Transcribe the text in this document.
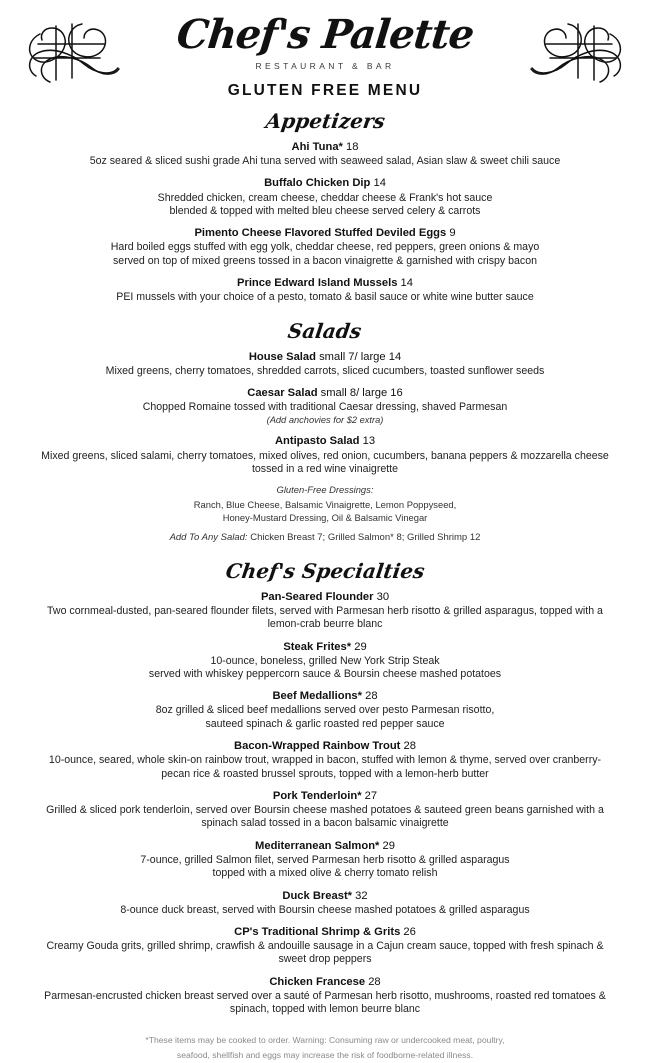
Chef's Palette
RESTAURANT & BAR
GLUTEN FREE MENU
Appetizers
Ahi Tuna* 18
5oz seared & sliced sushi grade Ahi tuna served with seaweed salad, Asian slaw & sweet chili sauce
Buffalo Chicken Dip 14
Shredded chicken, cream cheese, cheddar cheese & Frank's hot sauce
blended & topped with melted bleu cheese served celery & carrots
Pimento Cheese Flavored Stuffed Deviled Eggs 9
Hard boiled eggs stuffed with egg yolk, cheddar cheese, red peppers, green onions & mayo
served on top of mixed greens tossed in a bacon vinaigrette & garnished with crispy bacon
Prince Edward Island Mussels 14
PEI mussels with your choice of a pesto, tomato & basil sauce or white wine butter sauce
Salads
House Salad small 7/ large 14
Mixed greens, cherry tomatoes, shredded carrots, sliced cucumbers, toasted sunflower seeds
Caesar Salad small 8/ large 16
Chopped Romaine tossed with traditional Caesar dressing, shaved Parmesan
(Add anchovies for $2 extra)
Antipasto Salad 13
Mixed greens, sliced salami, cherry tomatoes, mixed olives, red onion, cucumbers, banana peppers & mozzarella cheese
tossed in a red wine vinaigrette
Gluten-Free Dressings:
Ranch, Blue Cheese, Balsamic Vinaigrette, Lemon Poppyseed,
Honey-Mustard Dressing, Oil & Balsamic Vinegar
Add To Any Salad: Chicken Breast 7; Grilled Salmon* 8; Grilled Shrimp 12
Chef's Specialties
Pan-Seared Flounder 30
Two cornmeal-dusted, pan-seared flounder filets, served with Parmesan herb risotto & grilled asparagus, topped with a
lemon-crab beurre blanc
Steak Frites* 29
10-ounce, boneless, grilled New York Strip Steak
served with whiskey peppercorn sauce & Boursin cheese mashed potatoes
Beef Medallions* 28
8oz grilled & sliced beef medallions served over pesto Parmesan risotto,
sauteed spinach & garlic roasted red pepper sauce
Bacon-Wrapped Rainbow Trout 28
10-ounce, seared, whole skin-on rainbow trout, wrapped in bacon, stuffed with lemon & thyme, served over cranberry-
pecan rice & roasted brussel sprouts, topped with a lemon-herb butter
Pork Tenderloin* 27
Grilled & sliced pork tenderloin, served over Boursin cheese mashed potatoes & sauteed green beans garnished with a
spinach salad tossed in a bacon balsamic vinaigrette
Mediterranean Salmon* 29
7-ounce, grilled Salmon filet, served Parmesan herb risotto & grilled asparagus
topped with a mixed olive & cherry tomato relish
Duck Breast* 32
8-ounce duck breast, served with Boursin cheese mashed potatoes & grilled asparagus
CP's Traditional Shrimp & Grits 26
Creamy Gouda grits, grilled shrimp, crawfish & andouille sausage in a Cajun cream sauce, topped with fresh spinach &
sweet drop peppers
Chicken Francese 28
Parmesan-encrusted chicken breast served over a sauté of Parmesan herb risotto, mushrooms, roasted red tomatoes &
spinach, topped with lemon beurre blanc
*These items may be cooked to order. Warning: Consuming raw or undercooked meat, poultry,
seafood, shellfish and eggs may increase the risk of foodborne-related illness.
